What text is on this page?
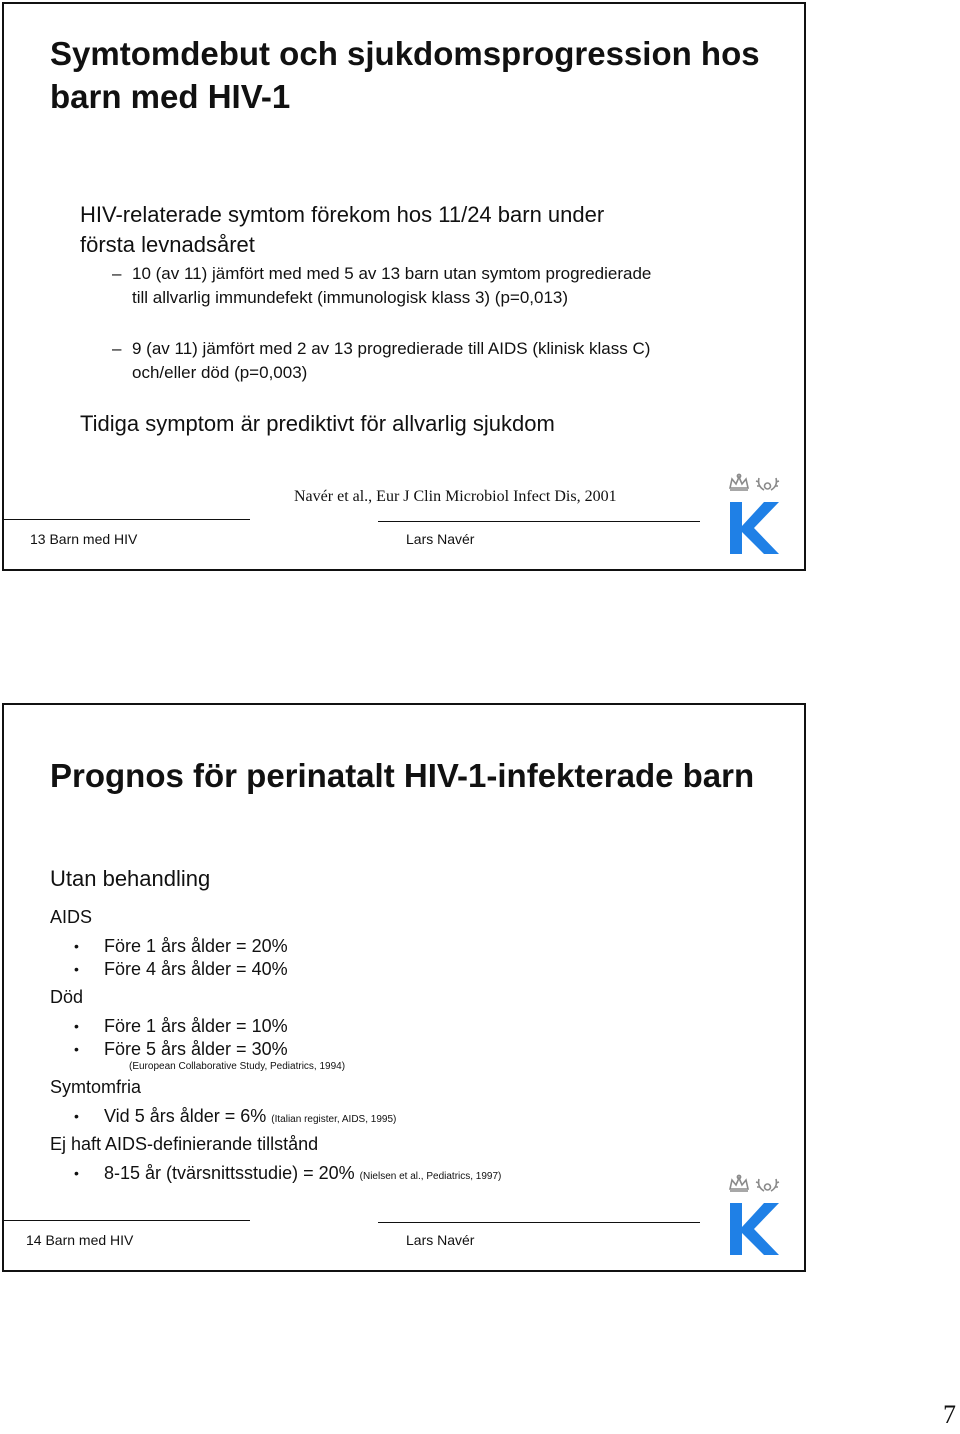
Symtomdebut och sjukdomsprogression hos barn med HIV-1

HIV-relaterade symtom förekom hos 11/24 barn under

första levnadsåret

– 10 (av 11) jämfört med med 5 av 13 barn utan symtom progredierade

till allvarlig immundefekt (immunologisk klass 3) (p=0,013)

– 9 (av 11) jämfört med 2 av 13 progredierade till AIDS (klinisk klass C)

och/eller död (p=0,003)

Tidiga symptom är prediktivt för allvarlig sjukdom

Navér et al., Eur J Clin Microbiol Infect Dis, 2001

13 Barn med HIV	Lars Navér

Prognos för perinatalt HIV-1-infekterade barn

Utan behandling

AIDS

• Före 1 års ålder = 20%
• Före 4 års ålder = 40%

Död

• Före 1 års ålder = 10%
• Före 5 års ålder = 30%

(European Collaborative Study, Pediatrics, 1994)

Symtomfria

• Vid 5 års ålder = 6% (Italian register, AIDS, 1995)

Ej haft AIDS-definierande tillstånd

• 8-15 år (tvärsnittsstudie) = 20% (Nielsen et al., Pediatrics, 1997)

14 Barn med HIV	Lars Navér

7
